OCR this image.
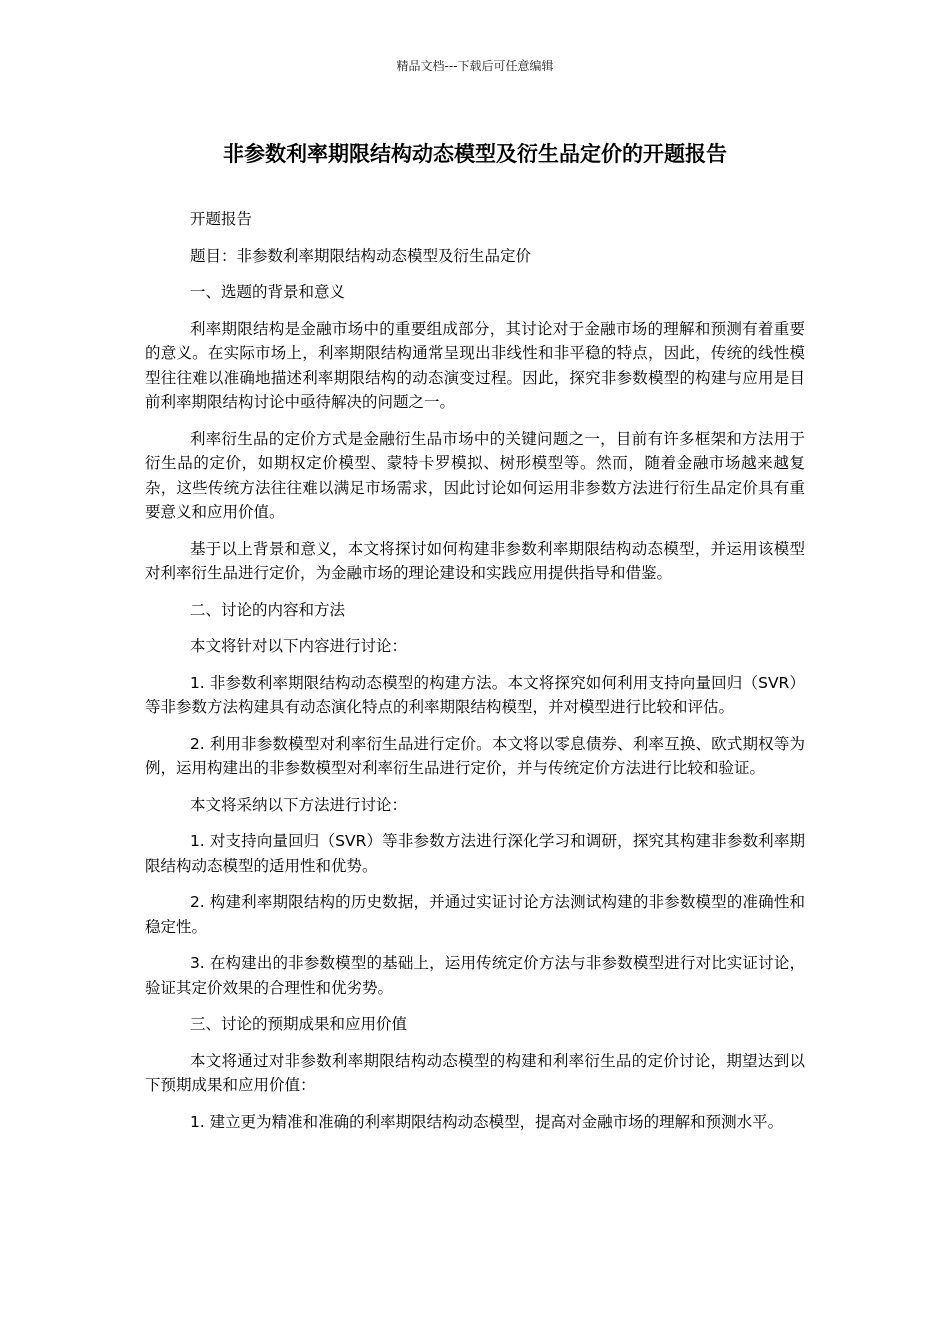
精品文档---下载后可任意编辑
非参数利率期限结构动态模型及衍生品定价的开题报告

开题报告

题目：非参数利率期限结构动态模型及衍生品定价

一、选题的背景和意义

利率期限结构是金融市场中的重要组成部分，其讨论对于金融市场的理解和预测有着重要的意义。在实际市场上，利率期限结构通常呈现出非线性和非平稳的特点，因此，传统的线性模型往往难以准确地描述利率期限结构的动态演变过程。因此，探究非参数模型的构建与应用是目前利率期限结构讨论中亟待解决的问题之一。

利率衍生品的定价方式是金融衍生品市场中的关键问题之一，目前有许多框架和方法用于衍生品的定价，如期权定价模型、蒙特卡罗模拟、树形模型等。然而，随着金融市场越来越复杂，这些传统方法往往难以满足市场需求，因此讨论如何运用非参数方法进行衍生品定价具有重要意义和应用价值。

基于以上背景和意义，本文将探讨如何构建非参数利率期限结构动态模型，并运用该模型对利率衍生品进行定价，为金融市场的理论建设和实践应用提供指导和借鉴。

二、讨论的内容和方法

本文将针对以下内容进行讨论：

1. 非参数利率期限结构动态模型的构建方法。本文将探究如何利用支持向量回归（SVR）等非参数方法构建具有动态演化特点的利率期限结构模型，并对模型进行比较和评估。

2. 利用非参数模型对利率衍生品进行定价。本文将以零息债券、利率互换、欧式期权等为例，运用构建出的非参数模型对利率衍生品进行定价，并与传统定价方法进行比较和验证。

本文将采纳以下方法进行讨论：

1. 对支持向量回归（SVR）等非参数方法进行深化学习和调研，探究其构建非参数利率期限结构动态模型的适用性和优势。

2. 构建利率期限结构的历史数据，并通过实证讨论方法测试构建的非参数模型的准确性和稳定性。

3. 在构建出的非参数模型的基础上，运用传统定价方法与非参数模型进行对比实证讨论，验证其定价效果的合理性和优劣势。

三、讨论的预期成果和应用价值

本文将通过对非参数利率期限结构动态模型的构建和利率衍生品的定价讨论，期望达到以下预期成果和应用价值：

1. 建立更为精准和准确的利率期限结构动态模型，提高对金融市场的理解和预测水平。
